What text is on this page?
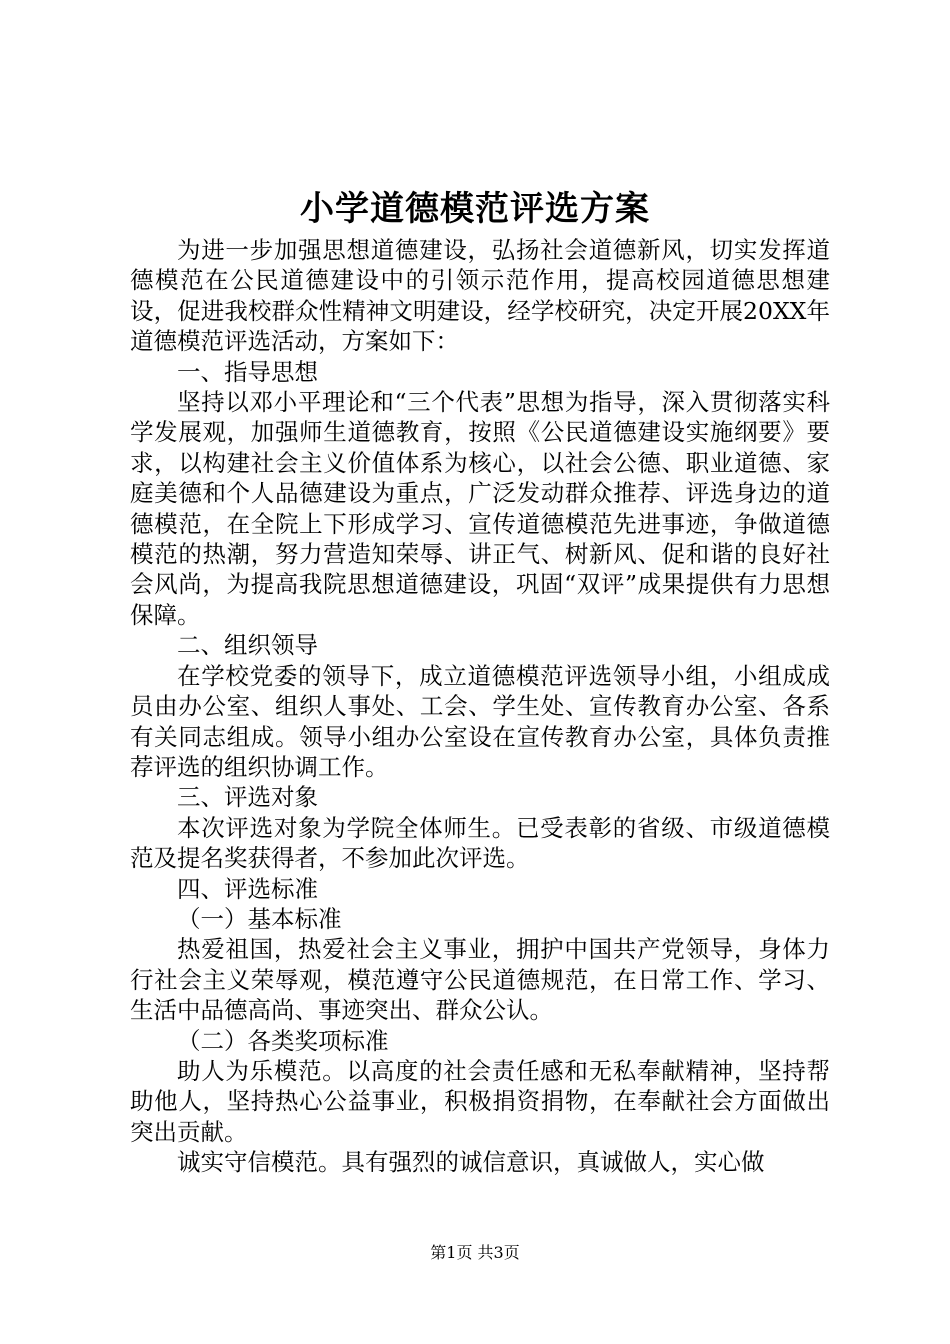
小学道德模范评选方案

为进一步加强思想道德建设，弘扬社会道德新风，切实发挥道德模范在公民道德建设中的引领示范作用，提高校园道德思想建设，促进我校群众性精神文明建设，经学校研究，决定开展20XX年道德模范评选活动，方案如下：

一、指导思想

坚持以邓小平理论和“三个代表”思想为指导，深入贯彻落实科学发展观，加强师生道德教育，按照《公民道德建设实施纲要》要求，以构建社会主义价值体系为核心，以社会公德、职业道德、家庭美德和个人品德建设为重点，广泛发动群众推荐、评选身边的道德模范，在全院上下形成学习、宣传道德模范先进事迹，争做道德模范的热潮，努力营造知荣辱、讲正气、树新风、促和谐的良好社会风尚，为提高我院思想道德建设，巩固“双评”成果提供有力思想保障。

二、组织领导

在学校党委的领导下，成立道德模范评选领导小组，小组成成员由办公室、组织人事处、工会、学生处、宣传教育办公室、各系有关同志组成。领导小组办公室设在宣传教育办公室，具体负责推荐评选的组织协调工作。

三、评选对象

本次评选对象为学院全体师生。已受表彰的省级、市级道德模范及提名奖获得者，不参加此次评选。

四、评选标准

（一）基本标准

热爱祖国，热爱社会主义事业，拥护中国共产党领导，身体力行社会主义荣辱观，模范遵守公民道德规范，在日常工作、学习、生活中品德高尚、事迹突出、群众公认。

（二）各类奖项标准

助人为乐模范。以高度的社会责任感和无私奉献精神，坚持帮助他人，坚持热心公益事业，积极捐资捐物，在奉献社会方面做出突出贡献。

诚实守信模范。具有强烈的诚信意识，真诚做人，实心做

第1页 共3页
